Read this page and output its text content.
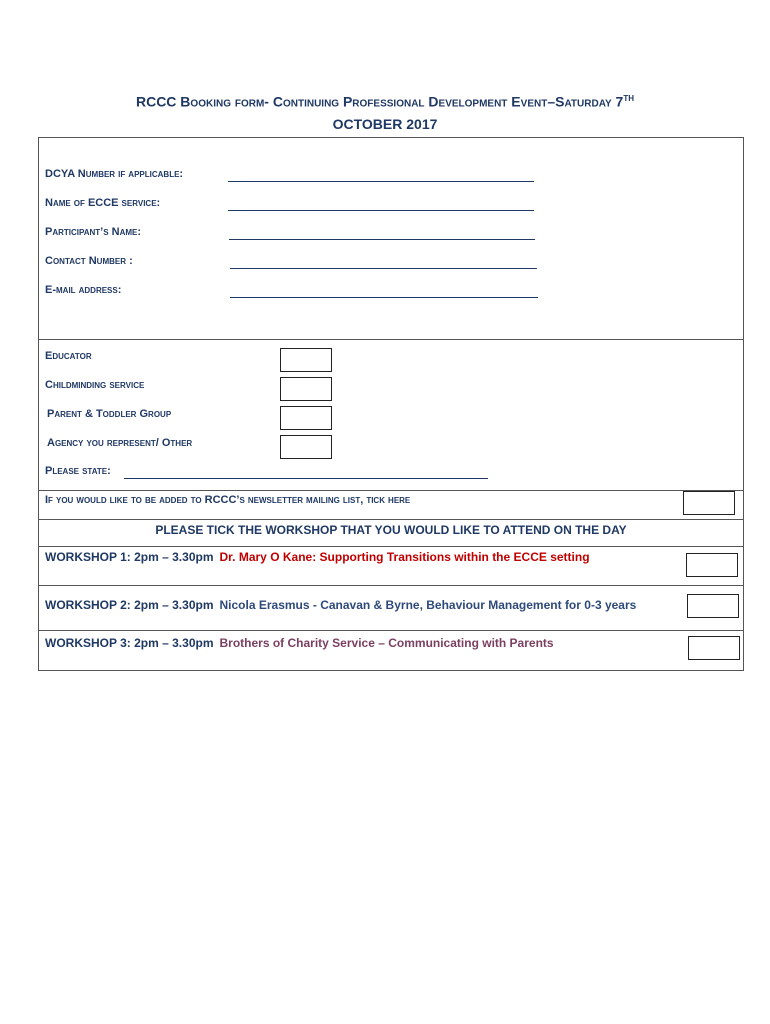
RCCC Booking form- Continuing Professional Development Event–Saturday 7TH
OCTOBER 2017
DCYA Number if applicable:
Name of ECCE service:
Participant’s Name:
Contact Number :
E-mail address:
Educator
Childminding service
Parent & Toddler Group
Agency you represent/ Other
Please state:
If you would like to be added to RCCC’s newsletter mailing list, tick here
PLEASE TICK THE WORKSHOP THAT YOU WOULD LIKE TO ATTEND ON THE DAY
WORKSHOP 1: 2pm – 3.30pm Dr. Mary O Kane: Supporting Transitions within the ECCE setting
WORKSHOP 2: 2pm – 3.30pm Nicola Erasmus - Canavan & Byrne, Behaviour Management for 0-3 years
WORKSHOP 3: 2pm – 3.30pm Brothers of Charity Service – Communicating with Parents
